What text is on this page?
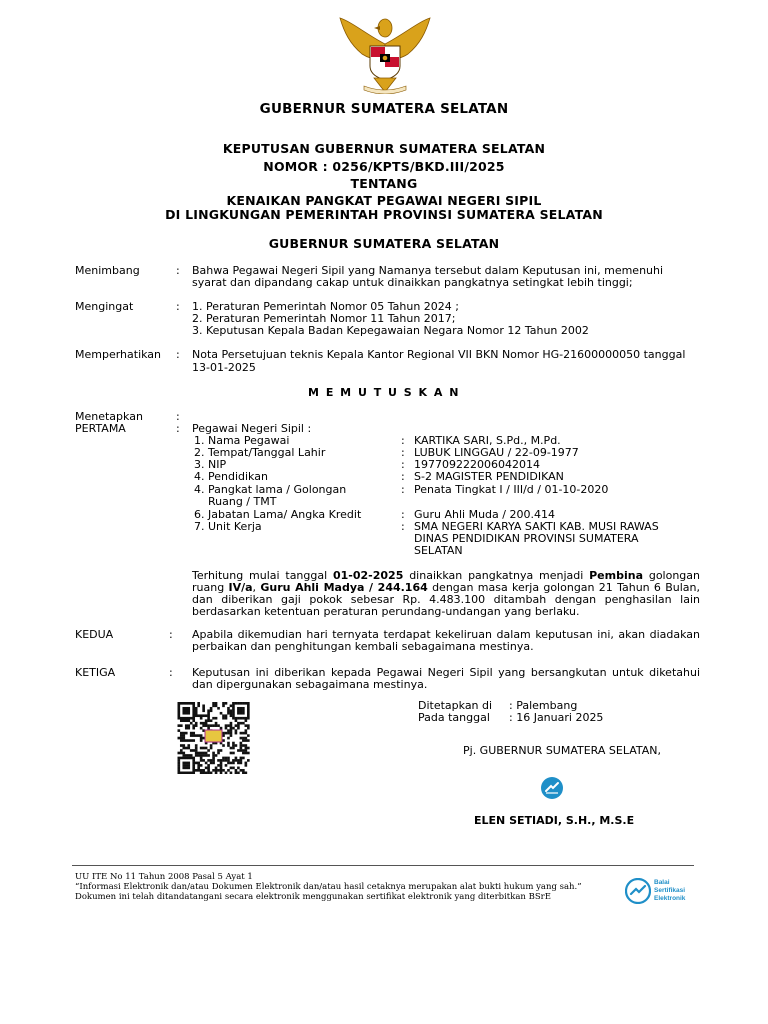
GUBERNUR SUMATERA SELATAN
KEPUTUSAN GUBERNUR SUMATERA SELATAN
NOMOR : 0256/KPTS/BKD.III/2025
TENTANG
KENAIKAN PANGKAT PEGAWAI NEGERI SIPIL
DI LINGKUNGAN PEMERINTAH PROVINSI SUMATERA SELATAN
GUBERNUR SUMATERA SELATAN
Menimbang	: Bahwa Pegawai Negeri Sipil yang Namanya tersebut dalam Keputusan ini, memenuhi
syarat dan dipandang cakap untuk dinaikkan pangkatnya setingkat lebih tinggi;
Mengingat	: 1. Peraturan Pemerintah Nomor 05 Tahun 2024 ;
2. Peraturan Pemerintah Nomor 11 Tahun 2017;
3. Keputusan Kepala Badan Kepegawaian Negara Nomor 12 Tahun 2002
Memperhatikan : Nota Persetujuan teknis Kepala Kantor Regional VII BKN Nomor HG-21600000050 tanggal
13-01-2025
M E M U T U S K A N
Menetapkan	:
PERTAMA	: Pegawai Negeri Sipil :
1. Nama Pegawai	: KARTIKA SARI, S.Pd., M.Pd.
2. Tempat/Tanggal Lahir	: LUBUK LINGGAU / 22-09-1977
3. NIP	: 197709222006042014
4. Pendidikan	: S-2 MAGISTER PENDIDIKAN
4. Pangkat lama / Golongan	: Penata Tingkat I / III/d / 01-10-2020
Ruang / TMT
6. Jabatan Lama/ Angka Kredit	: Guru Ahli Muda / 200.414
7. Unit Kerja	: SMA NEGERI KARYA SAKTI KAB. MUSI RAWAS
DINAS PENDIDIKAN PROVINSI SUMATERA
SELATAN
Terhitung mulai tanggal 01-02-2025 dinaikkan pangkatnya menjadi Pembina golongan ruang IV/a, Guru Ahli Madya / 244.164 dengan masa kerja golongan 21 Tahun 6 Bulan, dan diberikan gaji pokok sebesar Rp. 4.483.100 ditambah dengan penghasilan lain berdasarkan ketentuan peraturan perundang-undangan yang berlaku.
KEDUA	: Apabila dikemudian hari ternyata terdapat kekeliruan dalam keputusan ini, akan diadakan perbaikan dan penghitungan kembali sebagaimana mestinya.
KETIGA	: Keputusan ini diberikan kepada Pegawai Negeri Sipil yang bersangkutan untuk diketahui dan dipergunakan sebagaimana mestinya.
Ditetapkan di : Palembang
Pada tanggal : 16 Januari 2025
Pj. GUBERNUR SUMATERA SELATAN,
ELEN SETIADI, S.H., M.S.E
UU ITE No 11 Tahun 2008 Pasal 5 Ayat 1
“Informasi Elektronik dan/atau Dokumen Elektronik dan/atau hasil cetaknya merupakan alat bukti hukum yang sah.”
Dokumen ini telah ditandatangani secara elektronik menggunakan sertifikat elektronik yang diterbitkan BSrE
Balai
Sertifikasi
Elektronik
